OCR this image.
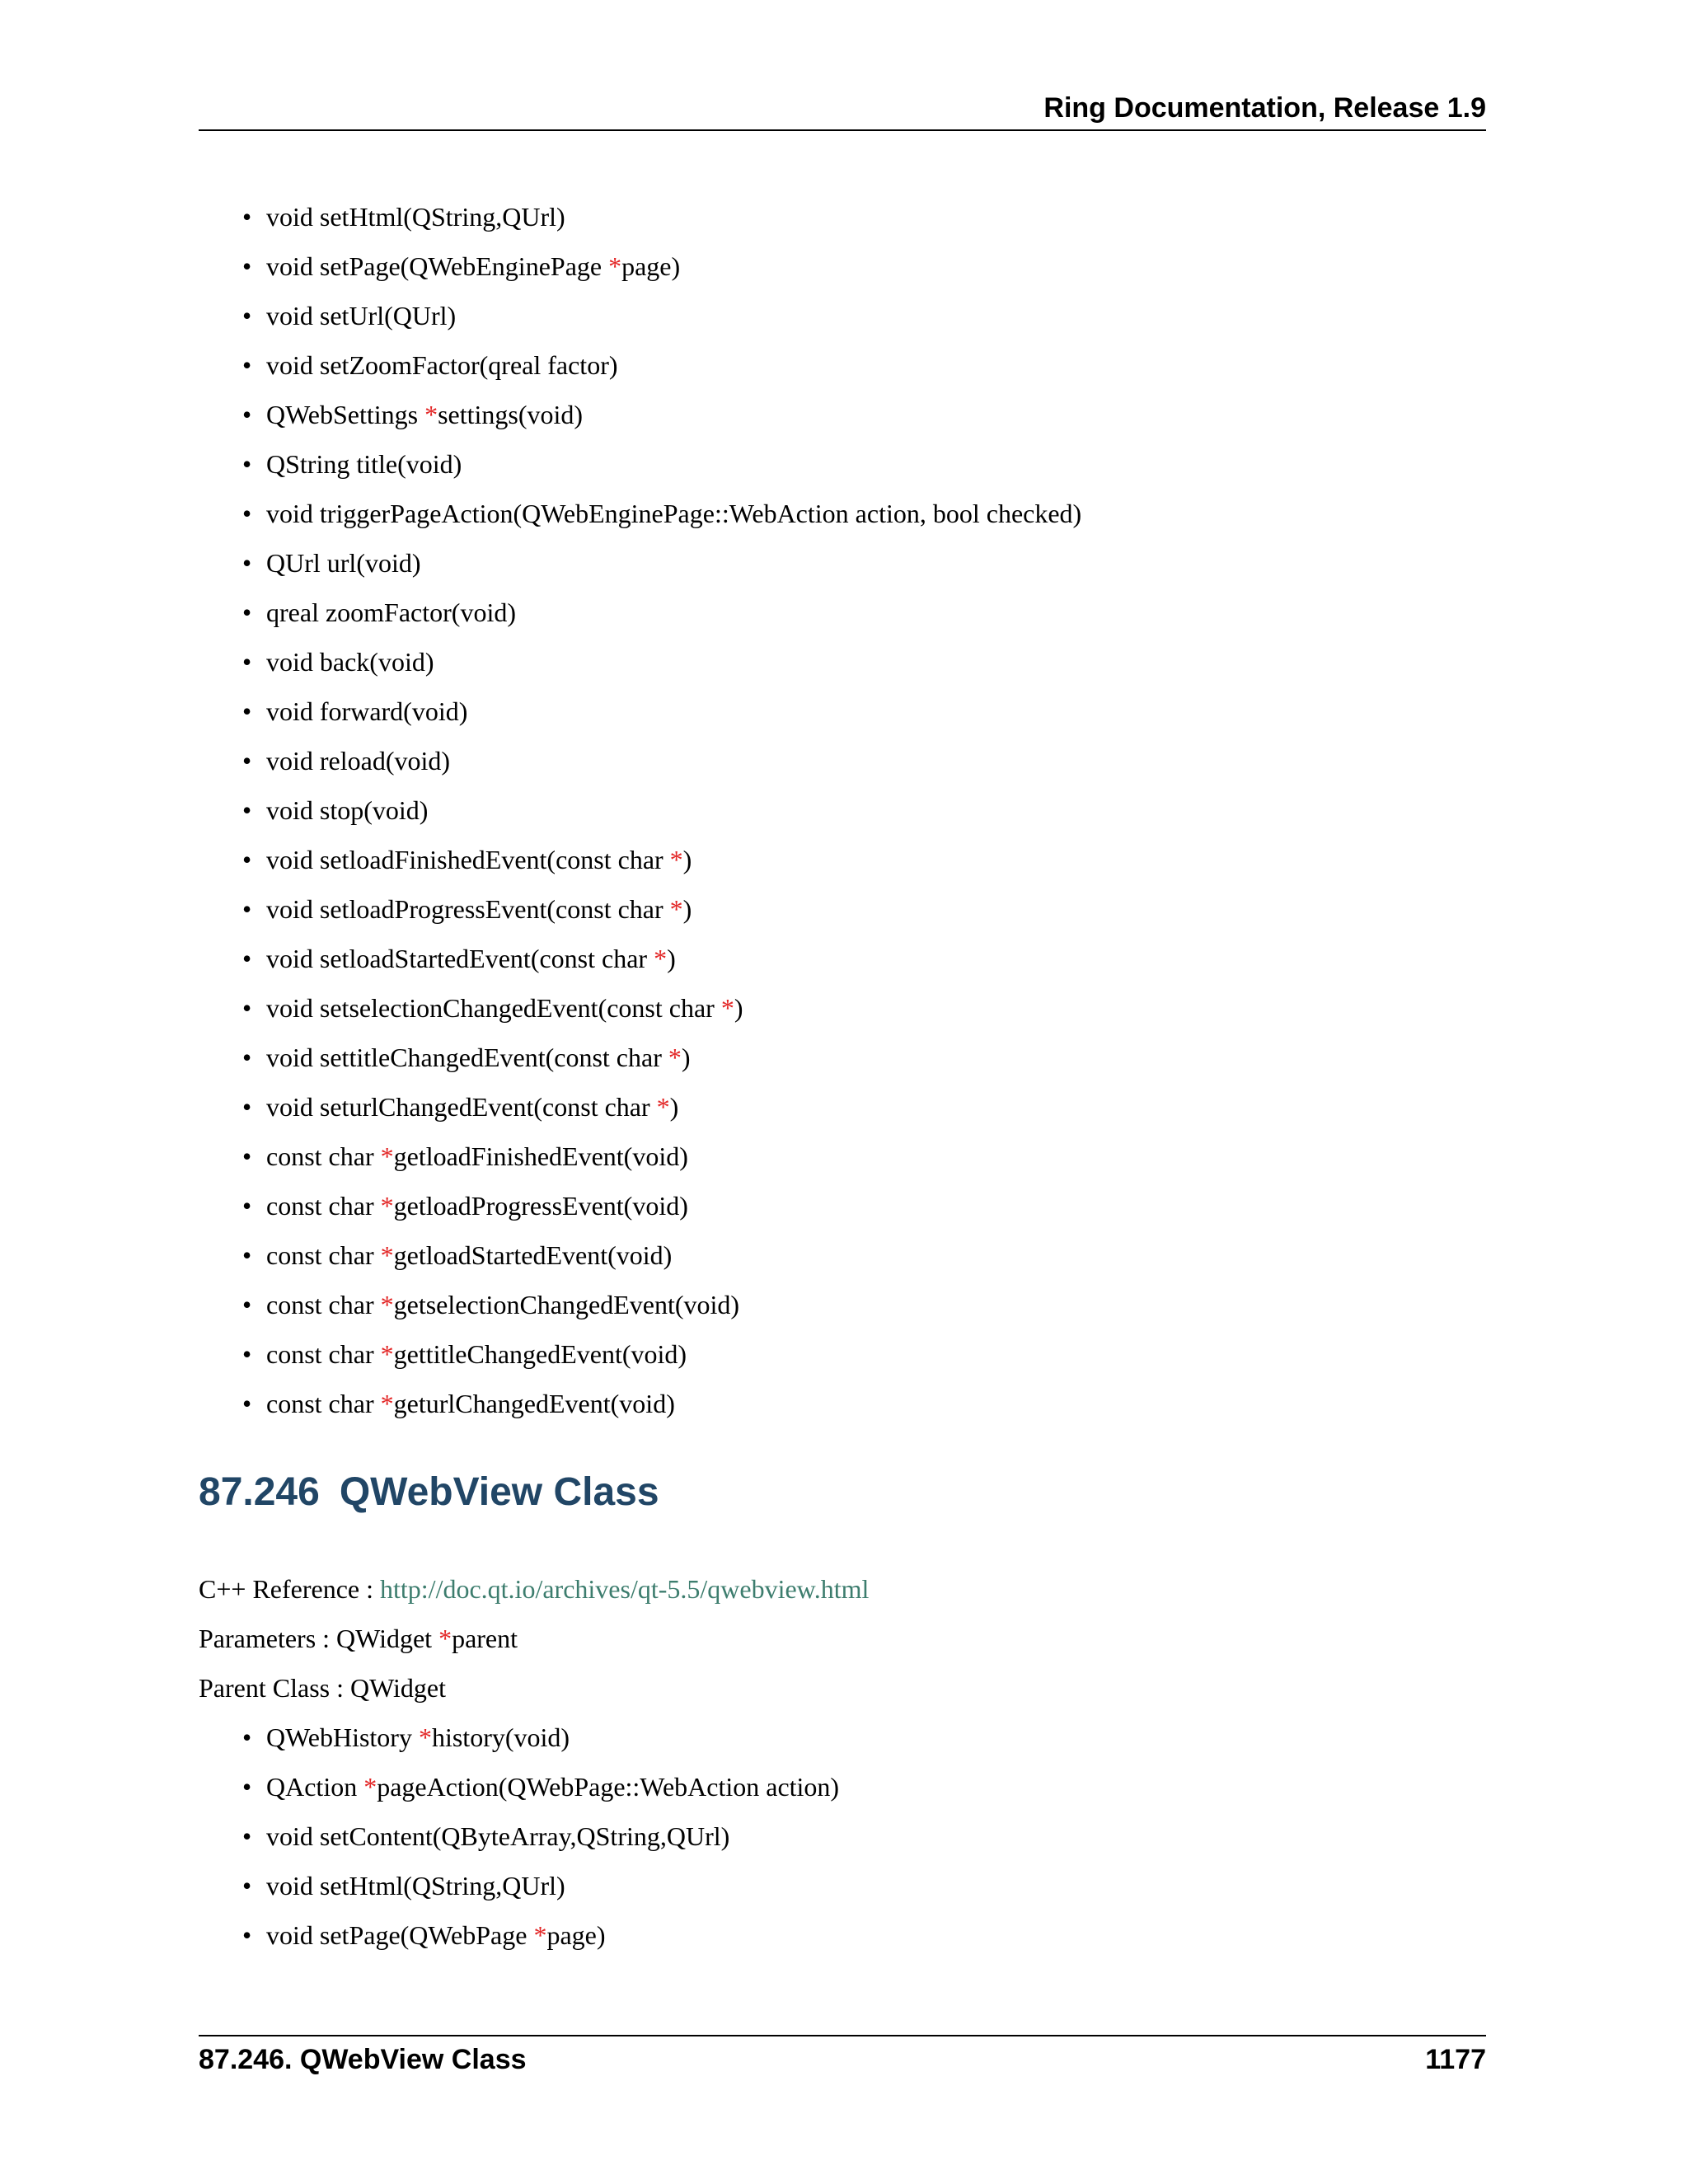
Ring Documentation, Release 1.9
• void setHtml(QString,QUrl)
• void setPage(QWebEnginePage *page)
• void setUrl(QUrl)
• void setZoomFactor(qreal factor)
• QWebSettings *settings(void)
• QString title(void)
• void triggerPageAction(QWebEnginePage::WebAction action, bool checked)
• QUrl url(void)
• qreal zoomFactor(void)
• void back(void)
• void forward(void)
• void reload(void)
• void stop(void)
• void setloadFinishedEvent(const char *)
• void setloadProgressEvent(const char *)
• void setloadStartedEvent(const char *)
• void setselectionChangedEvent(const char *)
• void settitleChangedEvent(const char *)
• void seturlChangedEvent(const char *)
• const char *getloadFinishedEvent(void)
• const char *getloadProgressEvent(void)
• const char *getloadStartedEvent(void)
• const char *getselectionChangedEvent(void)
• const char *gettitleChangedEvent(void)
• const char *geturlChangedEvent(void)
87.246 QWebView Class
C++ Reference : http://doc.qt.io/archives/qt-5.5/qwebview.html
Parameters : QWidget *parent
Parent Class : QWidget
• QWebHistory *history(void)
• QAction *pageAction(QWebPage::WebAction action)
• void setContent(QByteArray,QString,QUrl)
• void setHtml(QString,QUrl)
• void setPage(QWebPage *page)
87.246. QWebView Class	1177
